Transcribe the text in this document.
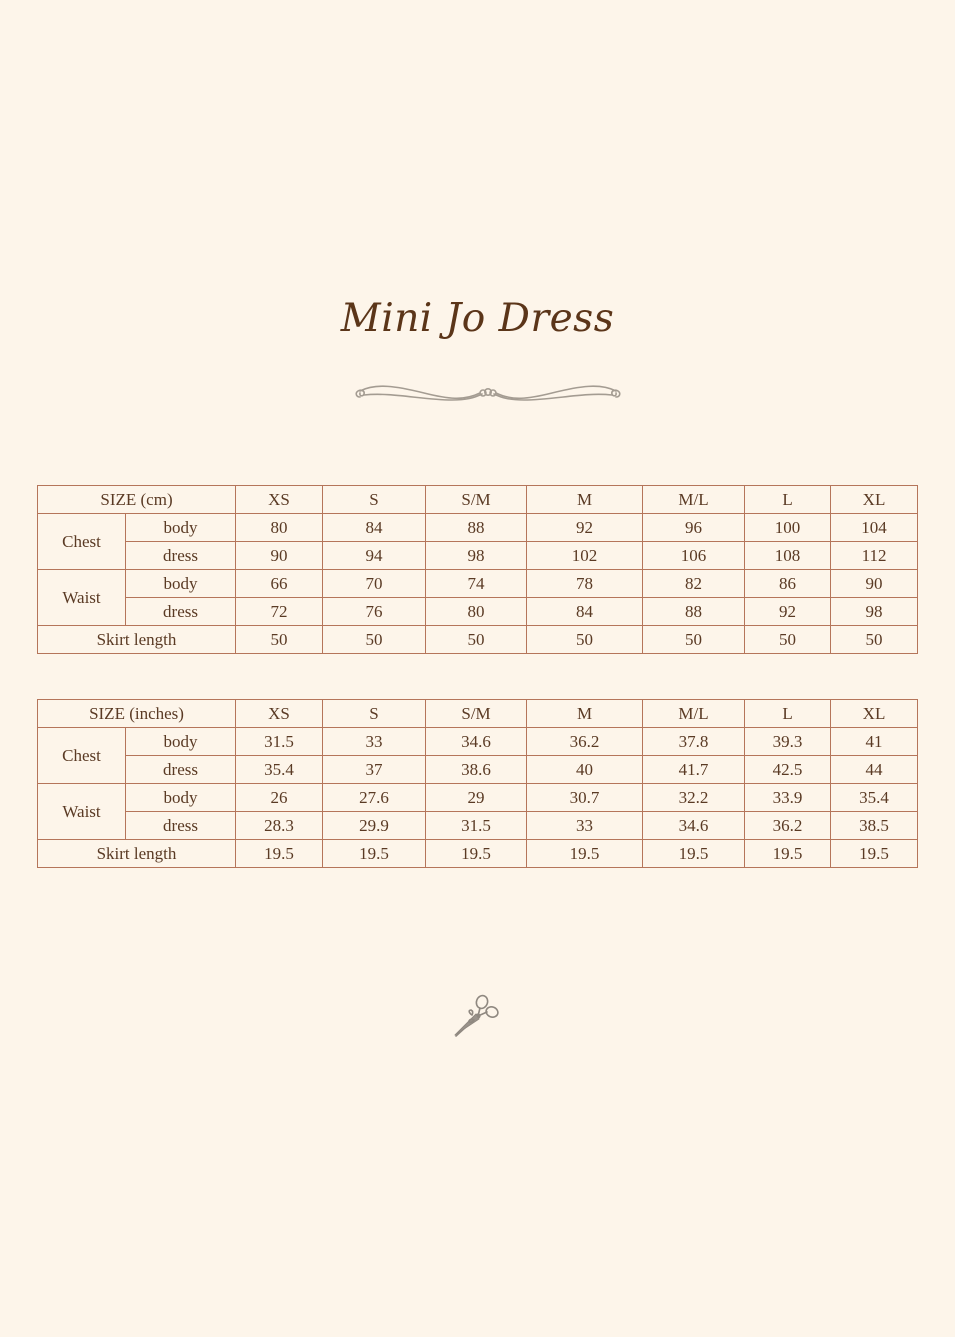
Mini Jo Dress
SIZE (cm)		XS	S	S/M	M	M/L	L	XL
Chest	body	80	84	88	92	96	100	104
	dress	90	94	98	102	106	108	112
Waist	body	66	70	74	78	82	86	90
	dress	72	76	80	84	88	92	98
Skirt length		50	50	50	50	50	50	50
SIZE (inches)		XS	S	S/M	M	M/L	L	XL
Chest	body	31.5	33	34.6	36.2	37.8	39.3	41
	dress	35.4	37	38.6	40	41.7	42.5	44
Waist	body	26	27.6	29	30.7	32.2	33.9	35.4
	dress	28.3	29.9	31.5	33	34.6	36.2	38.5
Skirt length		19.5	19.5	19.5	19.5	19.5	19.5	19.5
